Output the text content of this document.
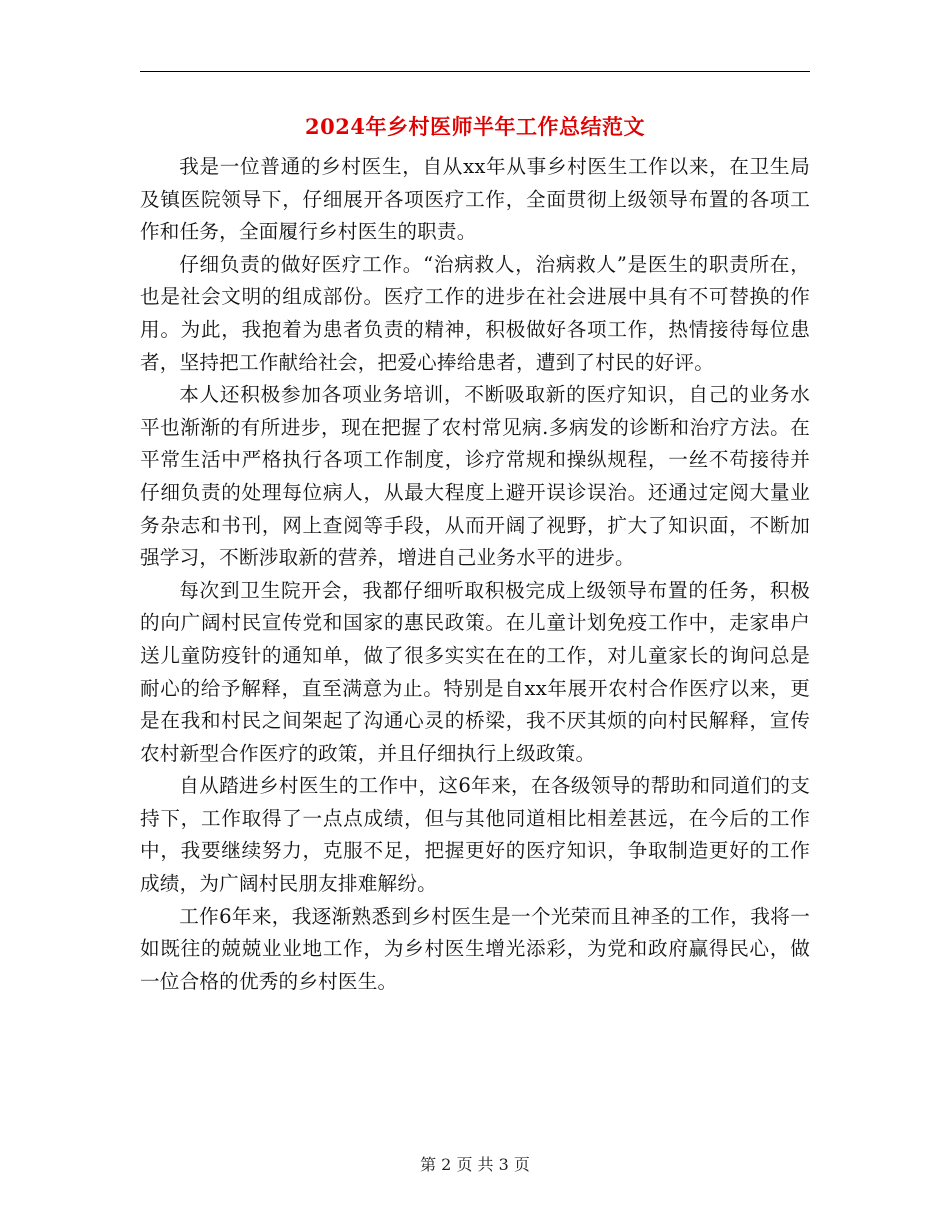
2024年乡村医师半年工作总结范文

我是一位普通的乡村医生，自从xx年从事乡村医生工作以来，在卫生局及镇医院领导下，仔细展开各项医疗工作，全面贯彻上级领导布置的各项工作和任务，全面履行乡村医生的职责。

仔细负责的做好医疗工作。“治病救人，治病救人”是医生的职责所在，也是社会文明的组成部份。医疗工作的进步在社会进展中具有不可替换的作用。为此，我抱着为患者负责的精神，积极做好各项工作，热情接待每位患者，坚持把工作献给社会，把爱心捧给患者，遭到了村民的好评。

本人还积极参加各项业务培训，不断吸取新的医疗知识，自己的业务水平也渐渐的有所进步，现在把握了农村常见病.多病发的诊断和治疗方法。在平常生活中严格执行各项工作制度，诊疗常规和操纵规程，一丝不苟接待并仔细负责的处理每位病人，从最大程度上避开误诊误治。还通过定阅大量业务杂志和书刊，网上查阅等手段，从而开阔了视野，扩大了知识面，不断加强学习，不断涉取新的营养，增进自己业务水平的进步。

每次到卫生院开会，我都仔细听取积极完成上级领导布置的任务，积极的向广阔村民宣传党和国家的惠民政策。在儿童计划免疫工作中，走家串户送儿童防疫针的通知单，做了很多实实在在的工作，对儿童家长的询问总是耐心的给予解释，直至满意为止。特别是自xx年展开农村合作医疗以来，更是在我和村民之间架起了沟通心灵的桥梁，我不厌其烦的向村民解释，宣传农村新型合作医疗的政策，并且仔细执行上级政策。

自从踏进乡村医生的工作中，这6年来，在各级领导的帮助和同道们的支持下，工作取得了一点点成绩，但与其他同道相比相差甚远，在今后的工作中，我要继续努力，克服不足，把握更好的医疗知识，争取制造更好的工作成绩，为广阔村民朋友排难解纷。

工作6年来，我逐渐熟悉到乡村医生是一个光荣而且神圣的工作，我将一如既往的兢兢业业地工作，为乡村医生增光添彩，为党和政府赢得民心，做一位合格的优秀的乡村医生。

第 2 页 共 3 页
